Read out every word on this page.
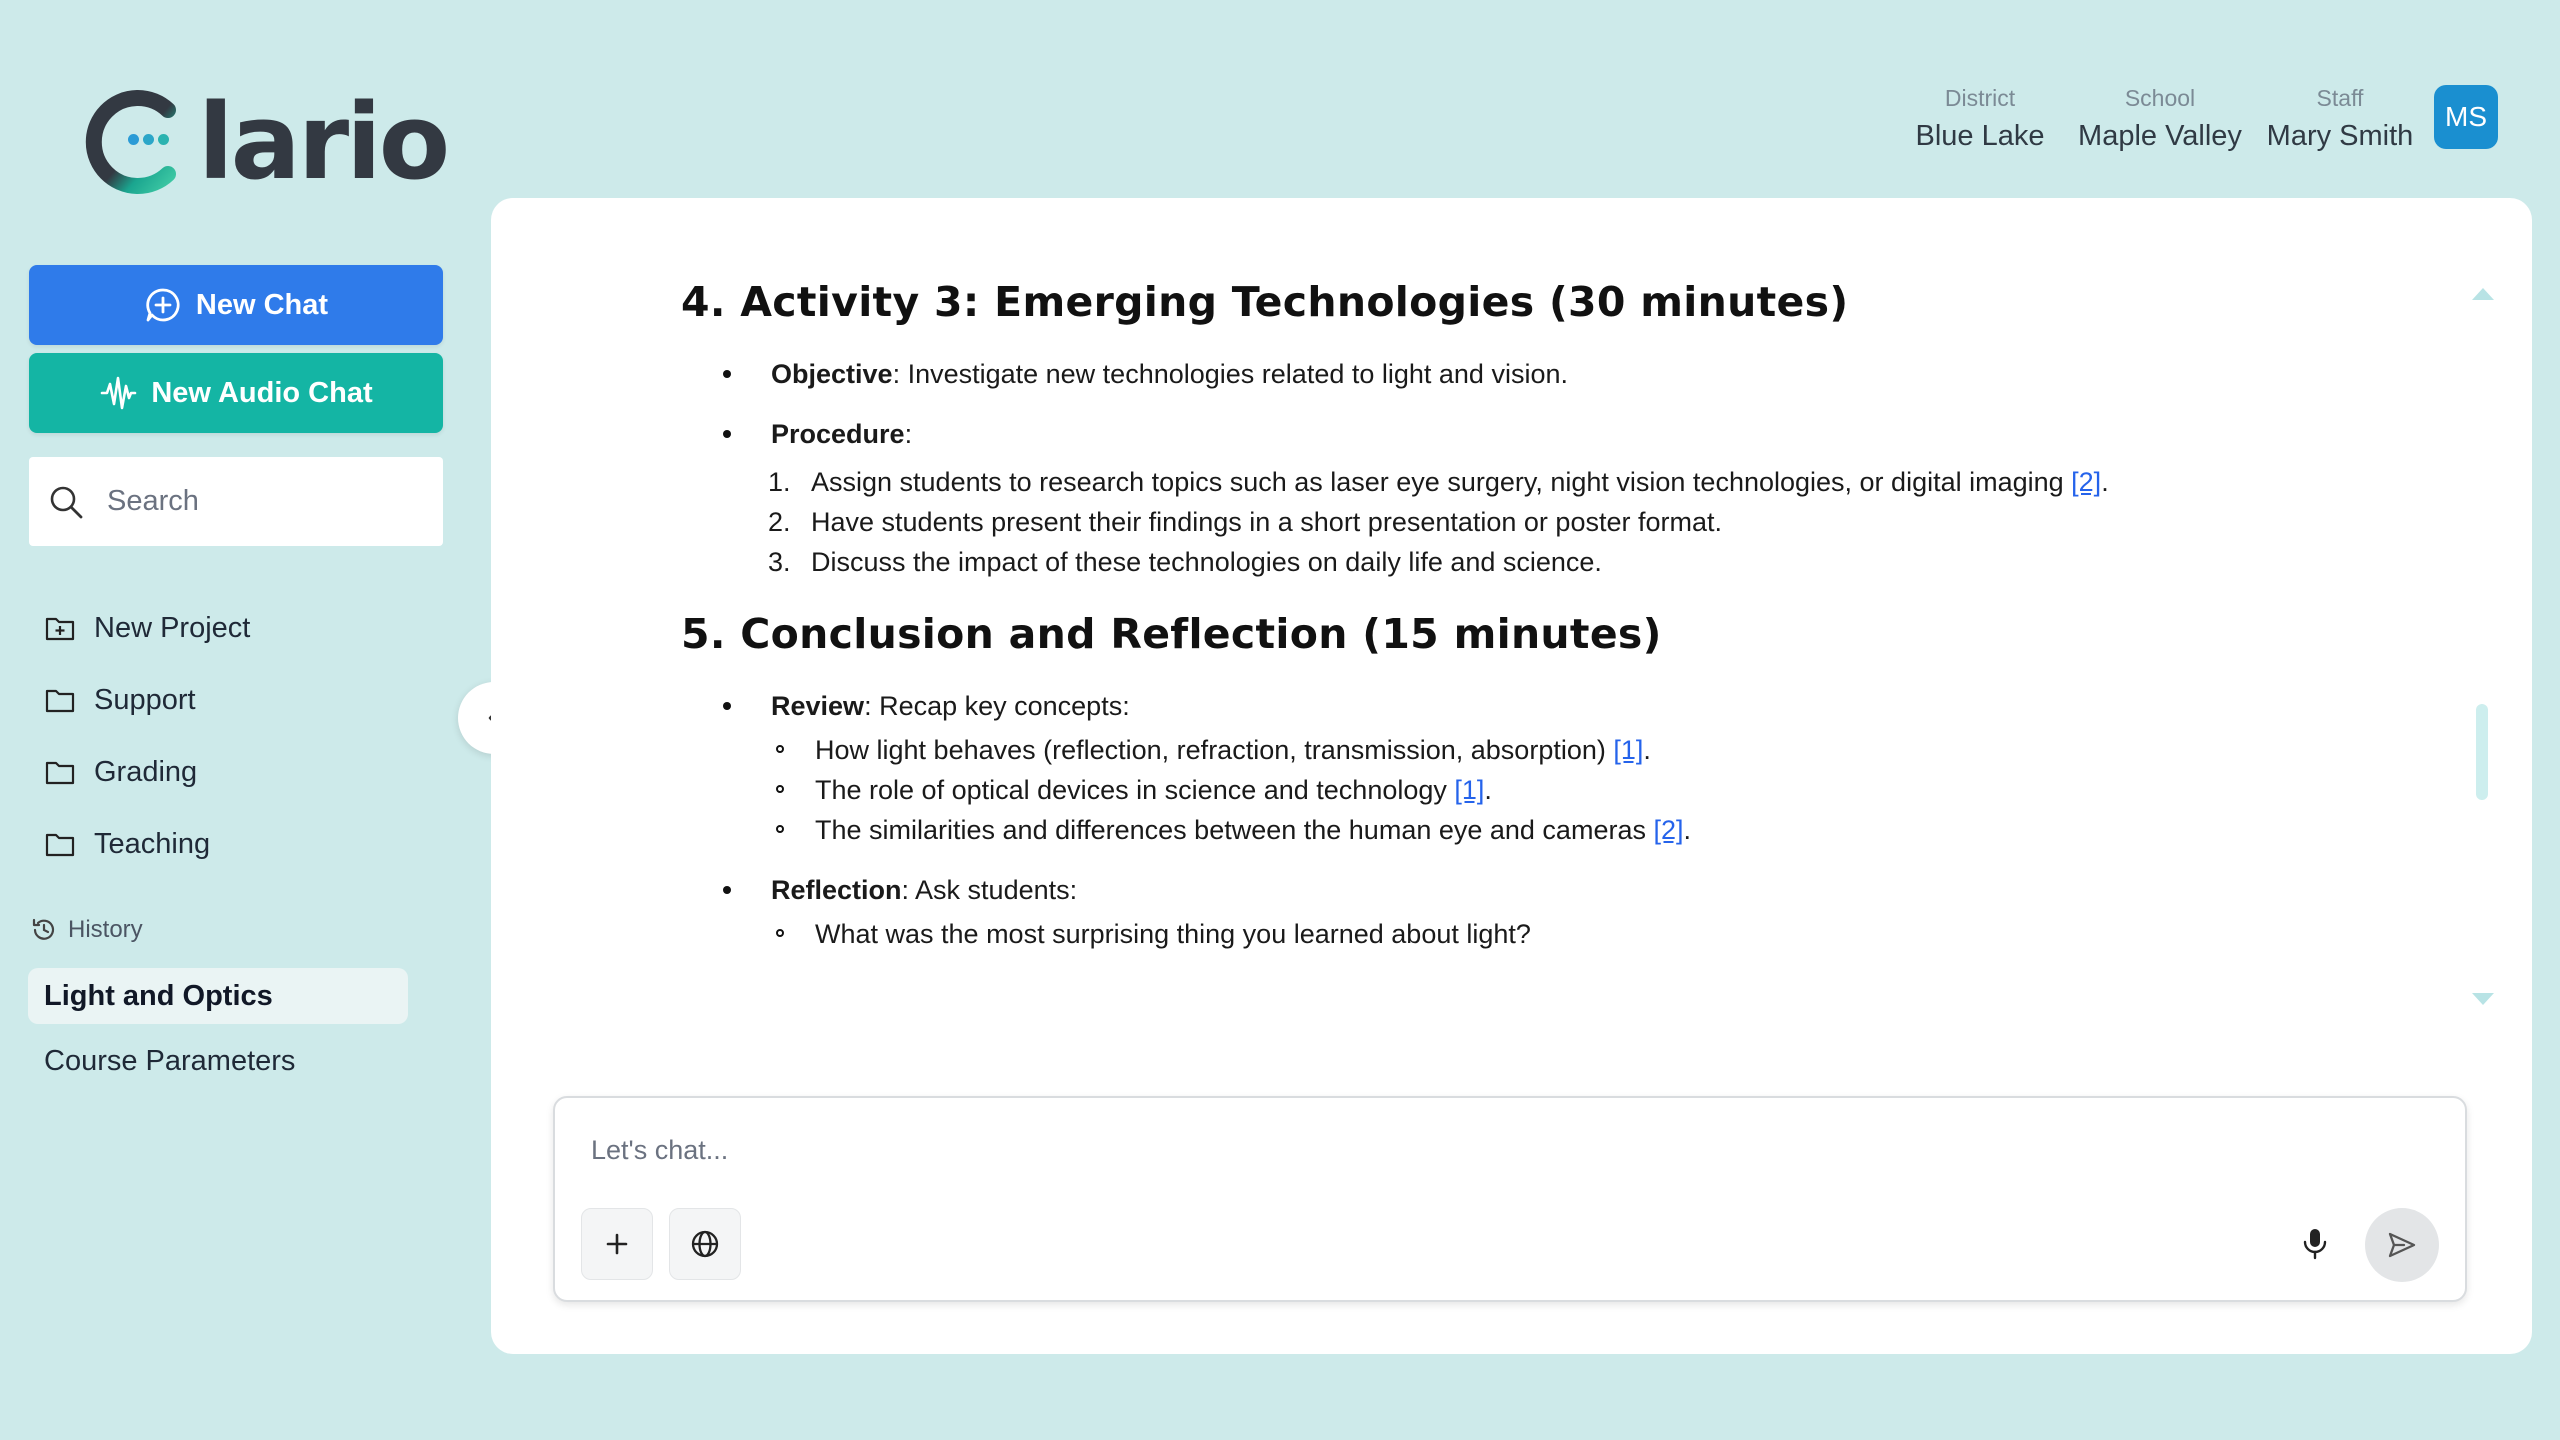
lario	District
Blue Lake
School
Maple Valley
Staff
Mary Smith
MS
New Chat
New Audio Chat
Search
New Project
Support
Grading
Teaching
History
Light and Optics
Course Parameters
4. Activity 3: Emerging Technologies (30 minutes)
Objective: Investigate new technologies related to light and vision.
Procedure:
1. Assign students to research topics such as laser eye surgery, night vision technologies, or digital imaging [2].
2. Have students present their findings in a short presentation or poster format.
3. Discuss the impact of these technologies on daily life and science.
5. Conclusion and Reflection (15 minutes)
Review: Recap key concepts:
How light behaves (reflection, refraction, transmission, absorption) [1].
The role of optical devices in science and technology [1].
The similarities and differences between the human eye and cameras [2].
Reflection: Ask students:
What was the most surprising thing you learned about light?
Let's chat...
